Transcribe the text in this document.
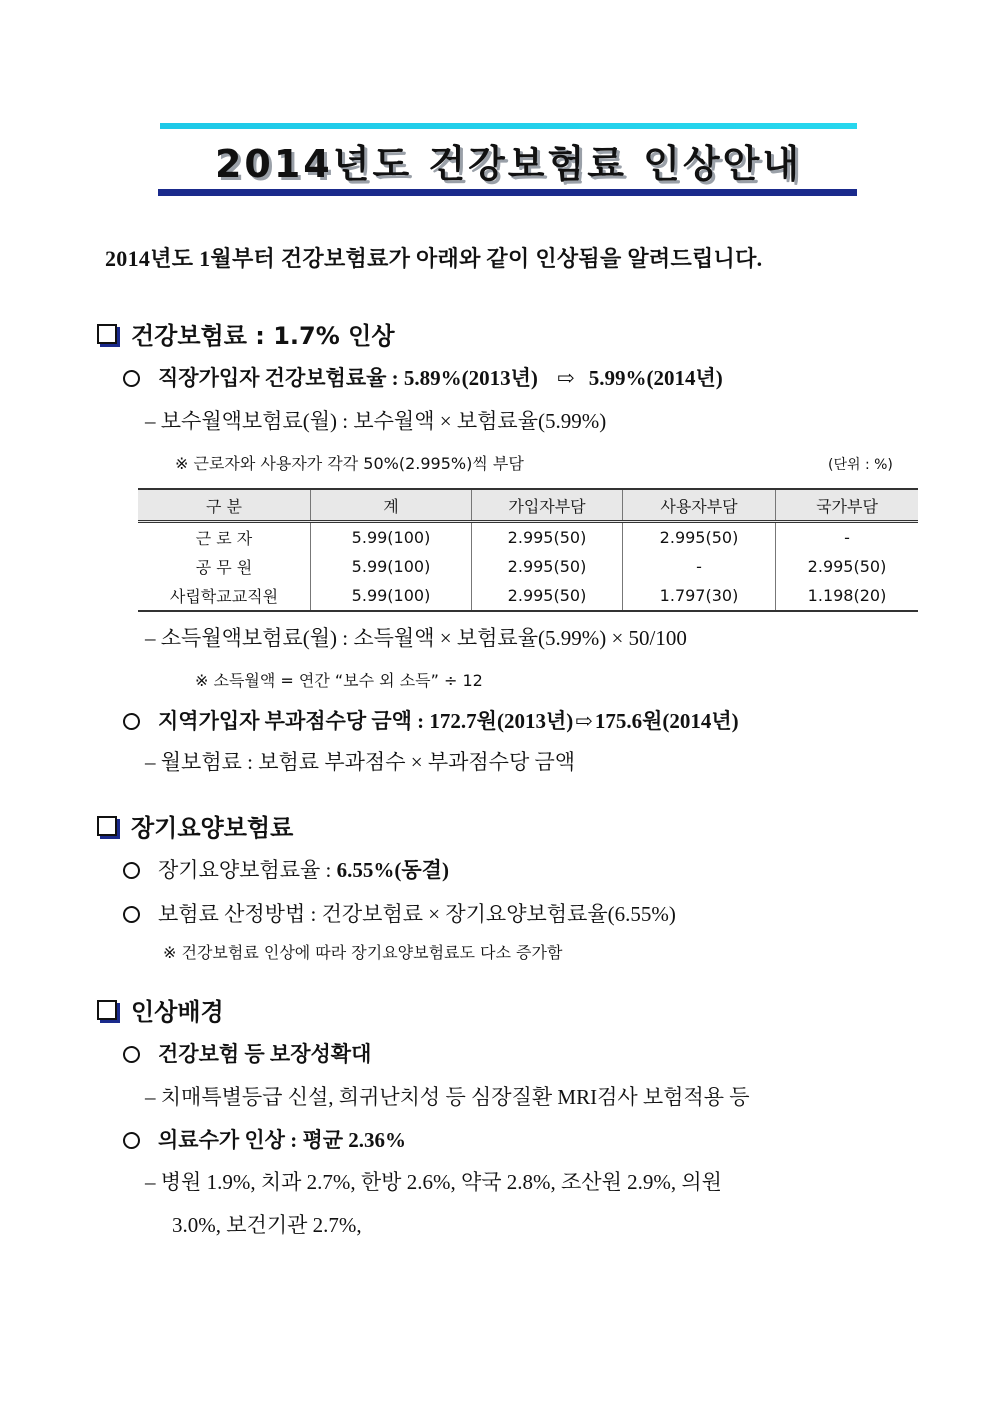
2014년도 건강보험료 인상안내
2014년도 1월부터 건강보험료가 아래와 같이 인상됨을 알려드립니다.
건강보험료 : 1.7% 인상
직장가입자 건강보험료율 : 5.89%(2013년) ⇨ 5.99%(2014년)
– 보수월액보험료(월) : 보수월액 × 보험료율(5.99%)
※ 근로자와 사용자가 각각 50%(2.995%)씩 부담	(단위 : %)
구 분	계	가입자부담	사용자부담	국가부담
근 로 자	5.99(100)	2.995(50)	2.995(50)	-
공 무 원	5.99(100)	2.995(50)	-	2.995(50)
사립학교교직원	5.99(100)	2.995(50)	1.797(30)	1.198(20)
– 소득월액보험료(월) : 소득월액 × 보험료율(5.99%) × 50/100
※ 소득월액 = 연간 “보수 외 소득” ÷ 12
지역가입자 부과점수당 금액 : 172.7원(2013년)⇨175.6원(2014년)
– 월보험료 : 보험료 부과점수 × 부과점수당 금액
장기요양보험료
장기요양보험료율 : 6.55%(동결)
보험료 산정방법 : 건강보험료 × 장기요양보험료율(6.55%)
※ 건강보험료 인상에 따라 장기요양보험료도 다소 증가함
인상배경
건강보험 등 보장성확대
– 치매특별등급 신설, 희귀난치성 등 심장질환 MRI검사 보험적용 등
의료수가 인상 : 평균 2.36%
– 병원 1.9%, 치과 2.7%, 한방 2.6%, 약국 2.8%, 조산원 2.9%, 의원
3.0%, 보건기관 2.7%,
